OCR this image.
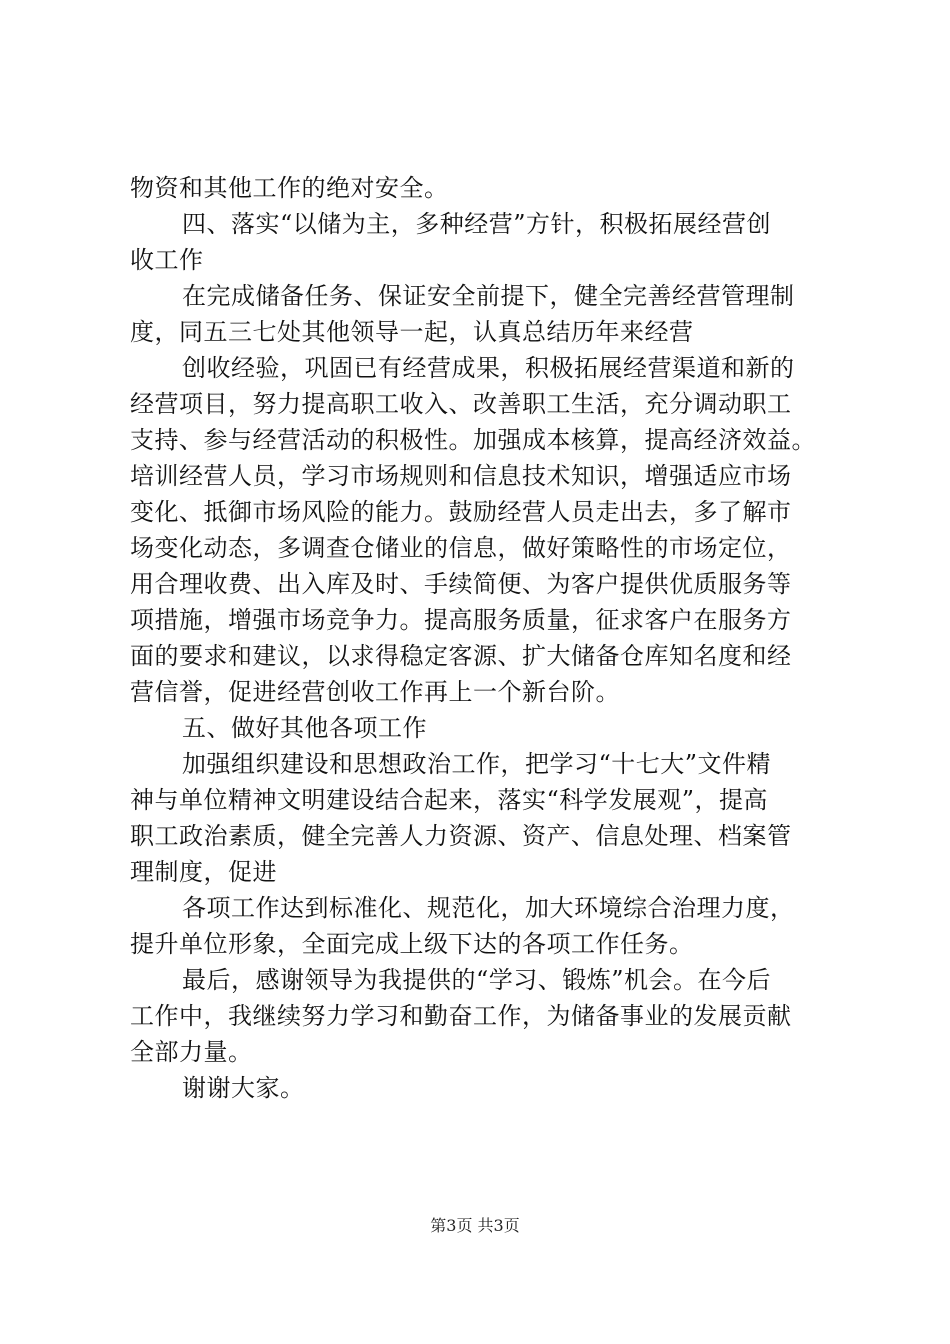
物资和其他工作的绝对安全。
四、落实“以储为主，多种经营”方针，积极拓展经营创
收工作
在完成储备任务、保证安全前提下，健全完善经营管理制
度，同五三七处其他领导一起，认真总结历年来经营
创收经验，巩固已有经营成果，积极拓展经营渠道和新的
经营项目，努力提高职工收入、改善职工生活，充分调动职工
支持、参与经营活动的积极性。加强成本核算，提高经济效益。
培训经营人员，学习市场规则和信息技术知识，增强适应市场
变化、抵御市场风险的能力。鼓励经营人员走出去，多了解市
场变化动态，多调查仓储业的信息，做好策略性的市场定位，
用合理收费、出入库及时、手续简便、为客户提供优质服务等
项措施，增强市场竞争力。提高服务质量，征求客户在服务方
面的要求和建议，以求得稳定客源、扩大储备仓库知名度和经
营信誉，促进经营创收工作再上一个新台阶。
五、做好其他各项工作
加强组织建设和思想政治工作，把学习“十七大”文件精
神与单位精神文明建设结合起来，落实“科学发展观”，提高
职工政治素质，健全完善人力资源、资产、信息处理、档案管
理制度，促进
各项工作达到标准化、规范化，加大环境综合治理力度，
提升单位形象，全面完成上级下达的各项工作任务。
最后，感谢领导为我提供的“学习、锻炼”机会。在今后
工作中，我继续努力学习和勤奋工作，为储备事业的发展贡献
全部力量。
谢谢大家。
第3页 共3页
